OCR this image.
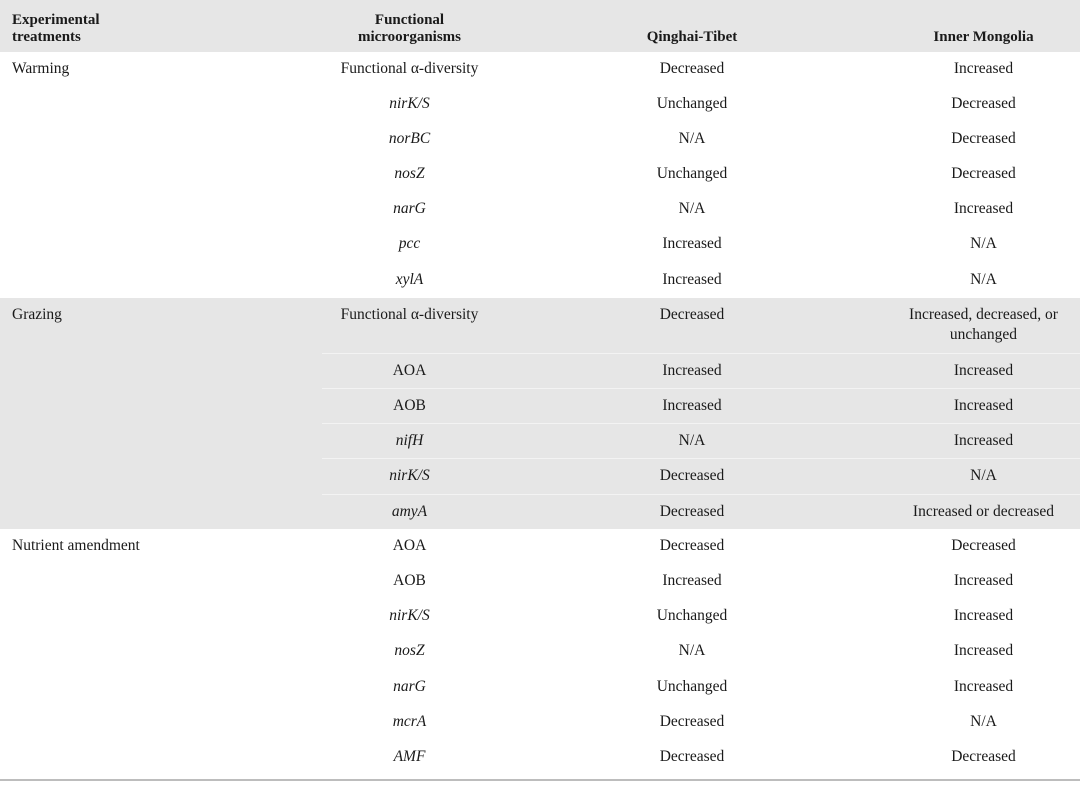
Experimental
treatments	Functional
microorganisms	Qinghai-Tibet	Inner Mongolia
Warming	Functional α-diversity	Decreased	Increased
	nirK/S	Unchanged	Decreased
	norBC	N/A	Decreased
	nosZ	Unchanged	Decreased
	narG	N/A	Increased
	pcc	Increased	N/A
	xylA	Increased	N/A
Grazing	Functional α-diversity	Decreased	Increased, decreased, or
unchanged
	AOA	Increased	Increased
	AOB	Increased	Increased
	nifH	N/A	Increased
	nirK/S	Decreased	N/A
	amyA	Decreased	Increased or decreased
Nutrient amendment	AOA	Decreased	Decreased
	AOB	Increased	Increased
	nirK/S	Unchanged	Increased
	nosZ	N/A	Increased
	narG	Unchanged	Increased
	mcrA	Decreased	N/A
	AMF	Decreased	Decreased
